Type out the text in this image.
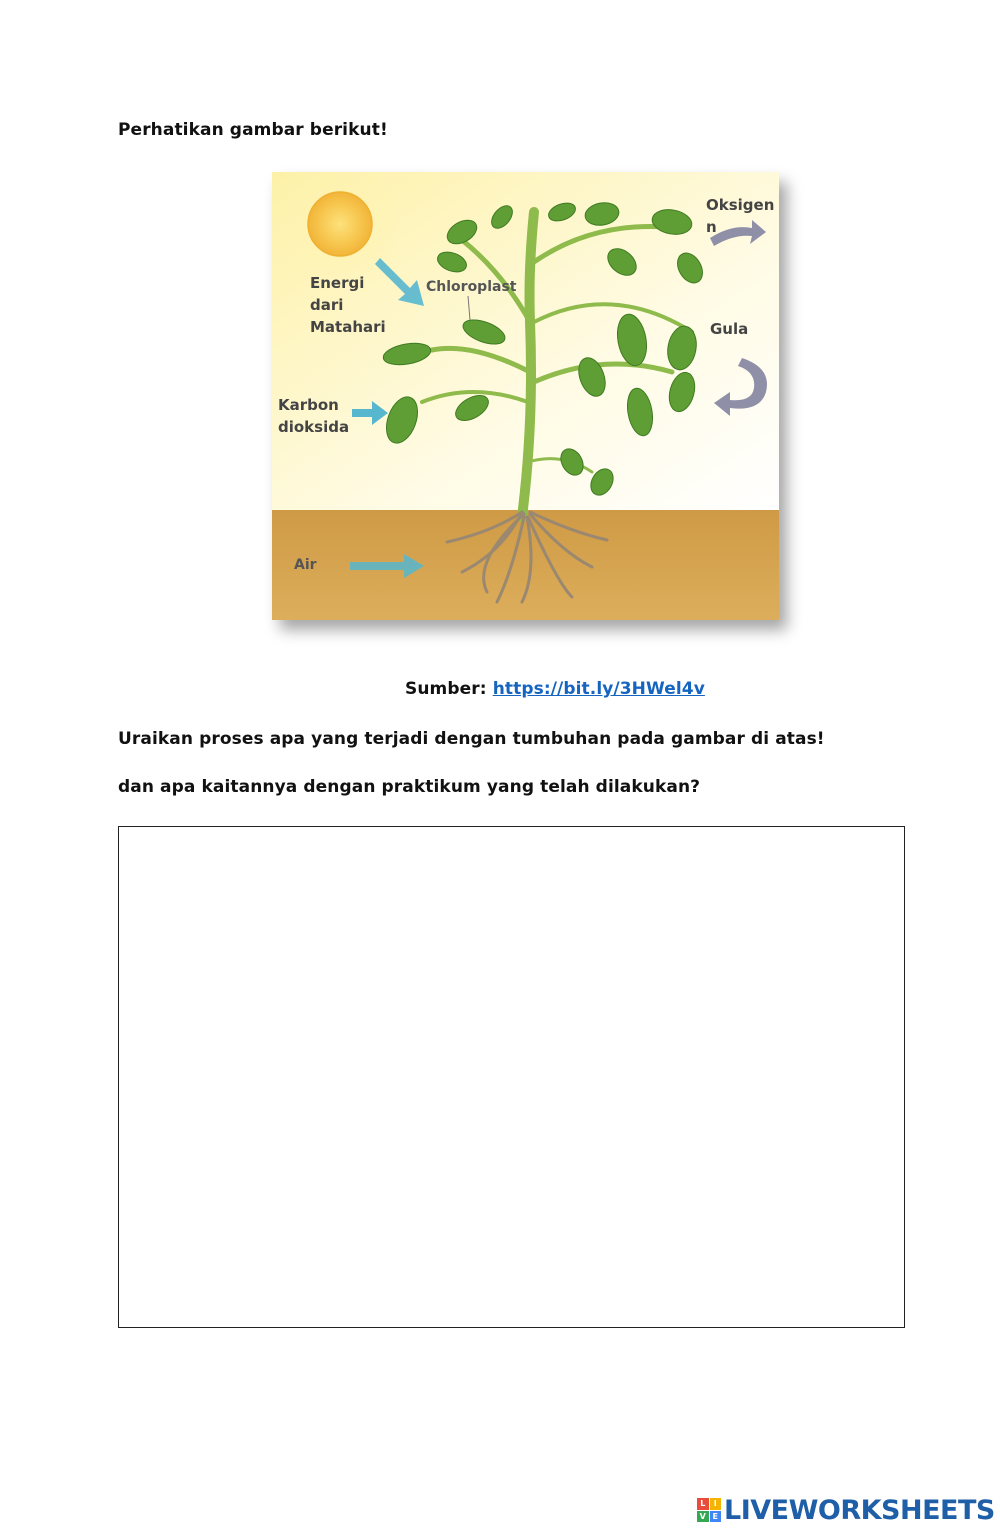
Perhatikan gambar berikut!
Energi
dari
Matahari
Chloroplast
Oksigen
n
Gula
Karbon
dioksida
Air
Sumber: https://bit.ly/3HWel4v
Uraikan proses apa yang terjadi dengan tumbuhan pada gambar di atas!
dan apa kaitannya dengan praktikum yang telah dilakukan?
L	I
V E LIVEWORKSHEETS
